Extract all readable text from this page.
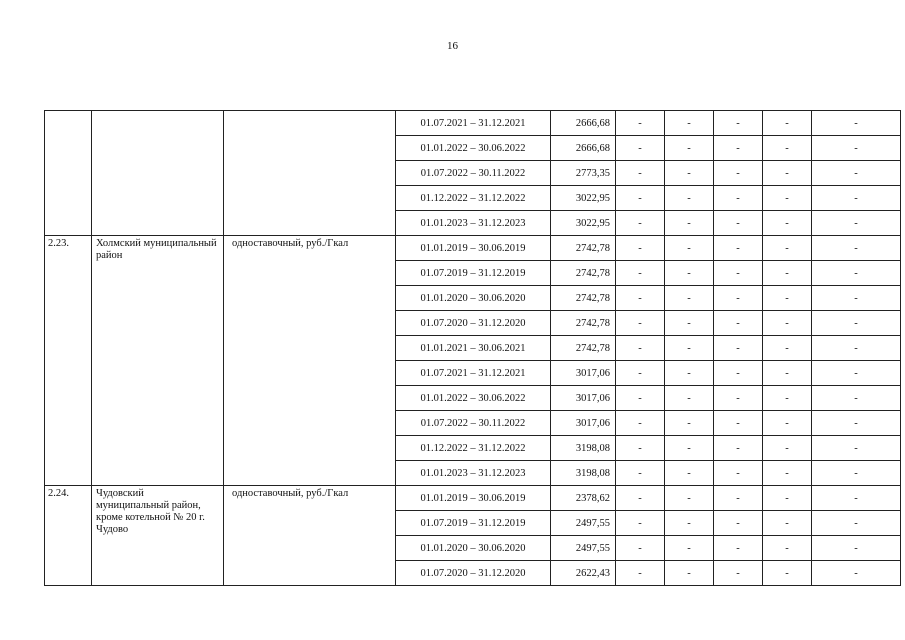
16
			01.07.2021 – 31.12.2021	2666,68	-	-	-	-	-
			01.01.2022 – 30.06.2022	2666,68	-	-	-	-	-
			01.07.2022 – 30.11.2022	2773,35	-	-	-	-	-
			01.12.2022 – 31.12.2022	3022,95	-	-	-	-	-
			01.01.2023 – 31.12.2023	3022,95	-	-	-	-	-
2.23.	Холмский муниципальный район	одноставочный, руб./Гкал	01.01.2019 – 30.06.2019	2742,78	-	-	-	-	-
			01.07.2019 – 31.12.2019	2742,78	-	-	-	-	-
			01.01.2020 – 30.06.2020	2742,78	-	-	-	-	-
			01.07.2020 – 31.12.2020	2742,78	-	-	-	-	-
			01.01.2021 – 30.06.2021	2742,78	-	-	-	-	-
			01.07.2021 – 31.12.2021	3017,06	-	-	-	-	-
			01.01.2022 – 30.06.2022	3017,06	-	-	-	-	-
			01.07.2022 – 30.11.2022	3017,06	-	-	-	-	-
			01.12.2022 – 31.12.2022	3198,08	-	-	-	-	-
			01.01.2023 – 31.12.2023	3198,08	-	-	-	-	-
2.24.	Чудовский муниципальный район, кроме котельной № 20 г. Чудово	одноставочный, руб./Гкал	01.01.2019 – 30.06.2019	2378,62	-	-	-	-	-
			01.07.2019 – 31.12.2019	2497,55	-	-	-	-	-
			01.01.2020 – 30.06.2020	2497,55	-	-	-	-	-
			01.07.2020 – 31.12.2020	2622,43	-	-	-	-	-
